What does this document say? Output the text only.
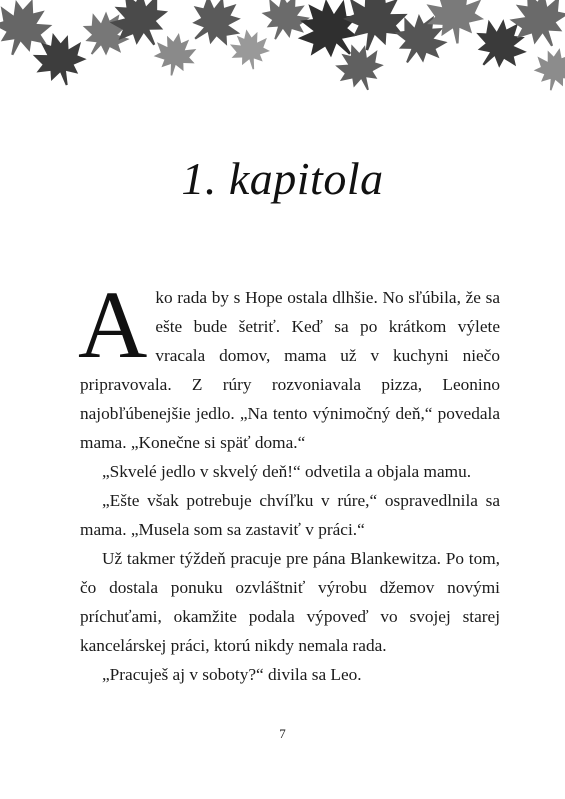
1. kapitola

Ako rada by s Hope ostala dlhšie. No sľúbila, že sa ešte bude šetriť. Keď sa po krátkom výlete vracala domov, mama už v kuchyni niečo pripravovala. Z rúry rozvoniavala pizza, Leonino najobľúbenejšie jedlo. „Na tento výnimočný deň,“ povedala mama. „Konečne si späť doma.“

„Skvelé jedlo v skvelý deň!“ odvetila a objala mamu.

„Ešte však potrebuje chvíľku v rúre,“ ospravedlnila sa mama. „Musela som sa zastaviť v práci.“

Už takmer týždeň pracuje pre pána Blankewitza. Po tom, čo dostala ponuku ozvláštniť výrobu džemov novými príchuťami, okamžite podala výpoveď vo svojej starej kancelárskej práci, ktorú nikdy nemala rada.

„Pracuješ aj v soboty?“ divila sa Leo.

7
